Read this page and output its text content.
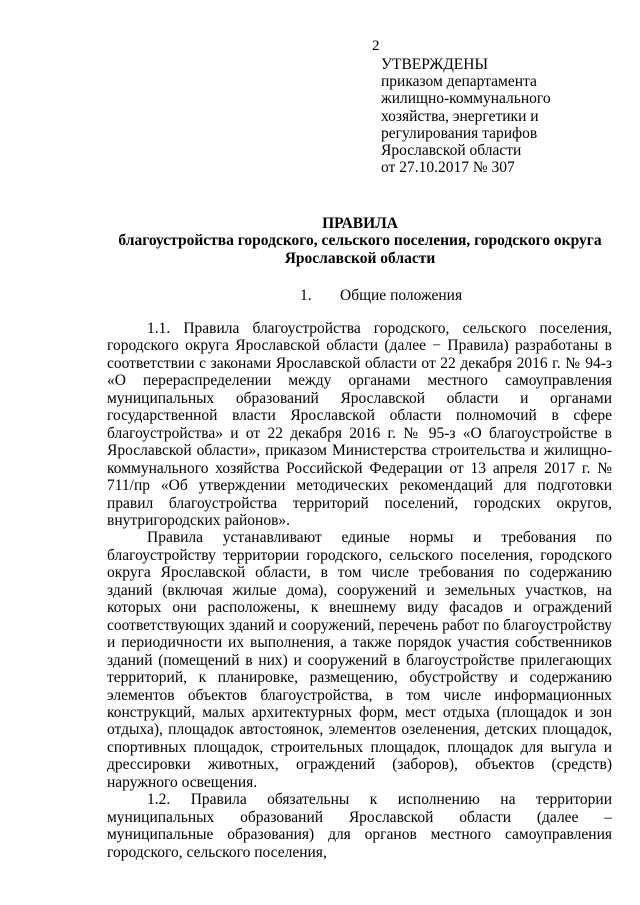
2
УТВЕРЖДЕНЫ
приказом департамента
жилищно-коммунального
хозяйства, энергетики и
регулирования тарифов
Ярославской области
от 27.10.2017 № 307
ПРАВИЛА
благоустройства городского, сельского поселения, городского округа
Ярославской области
1. Общие положения

1.1. Правила благоустройства городского, сельского поселения, городского округа Ярославской области (далее − Правила) разработаны в соответствии с законами Ярославской области от 22 декабря 2016 г. № 94-з «О перераспределении между органами местного самоуправления муниципальных образований Ярославской области и органами государственной власти Ярославской области полномочий в сфере благоустройства» и от 22 декабря 2016 г. № 95-з «О благоустройстве в Ярославской области», приказом Министерства строительства и жилищно-коммунального хозяйства Российской Федерации от 13 апреля 2017 г. № 711/пр «Об утверждении методических рекомендаций для подготовки правил благоустройства территорий поселений, городских округов, внутригородских районов».

Правила устанавливают единые нормы и требования по благоустройству территории городского, сельского поселения, городского округа Ярославской области, в том числе требования по содержанию зданий (включая жилые дома), сооружений и земельных участков, на которых они расположены, к внешнему виду фасадов и ограждений соответствующих зданий и сооружений, перечень работ по благоустройству и периодичности их выполнения, а также порядок участия собственников зданий (помещений в них) и сооружений в благоустройстве прилегающих территорий, к планировке, размещению, обустройству и содержанию элементов объектов благоустройства, в том числе информационных конструкций, малых архитектурных форм, мест отдыха (площадок и зон отдыха), площадок автостоянок, элементов озеленения, детских площадок, спортивных площадок, строительных площадок, площадок для выгула и дрессировки животных, ограждений (заборов), объектов (средств) наружного освещения.

1.2. Правила обязательны к исполнению на территории муниципальных образований Ярославской области (далее – муниципальные образования) для органов местного самоуправления городского, сельского поселения,
